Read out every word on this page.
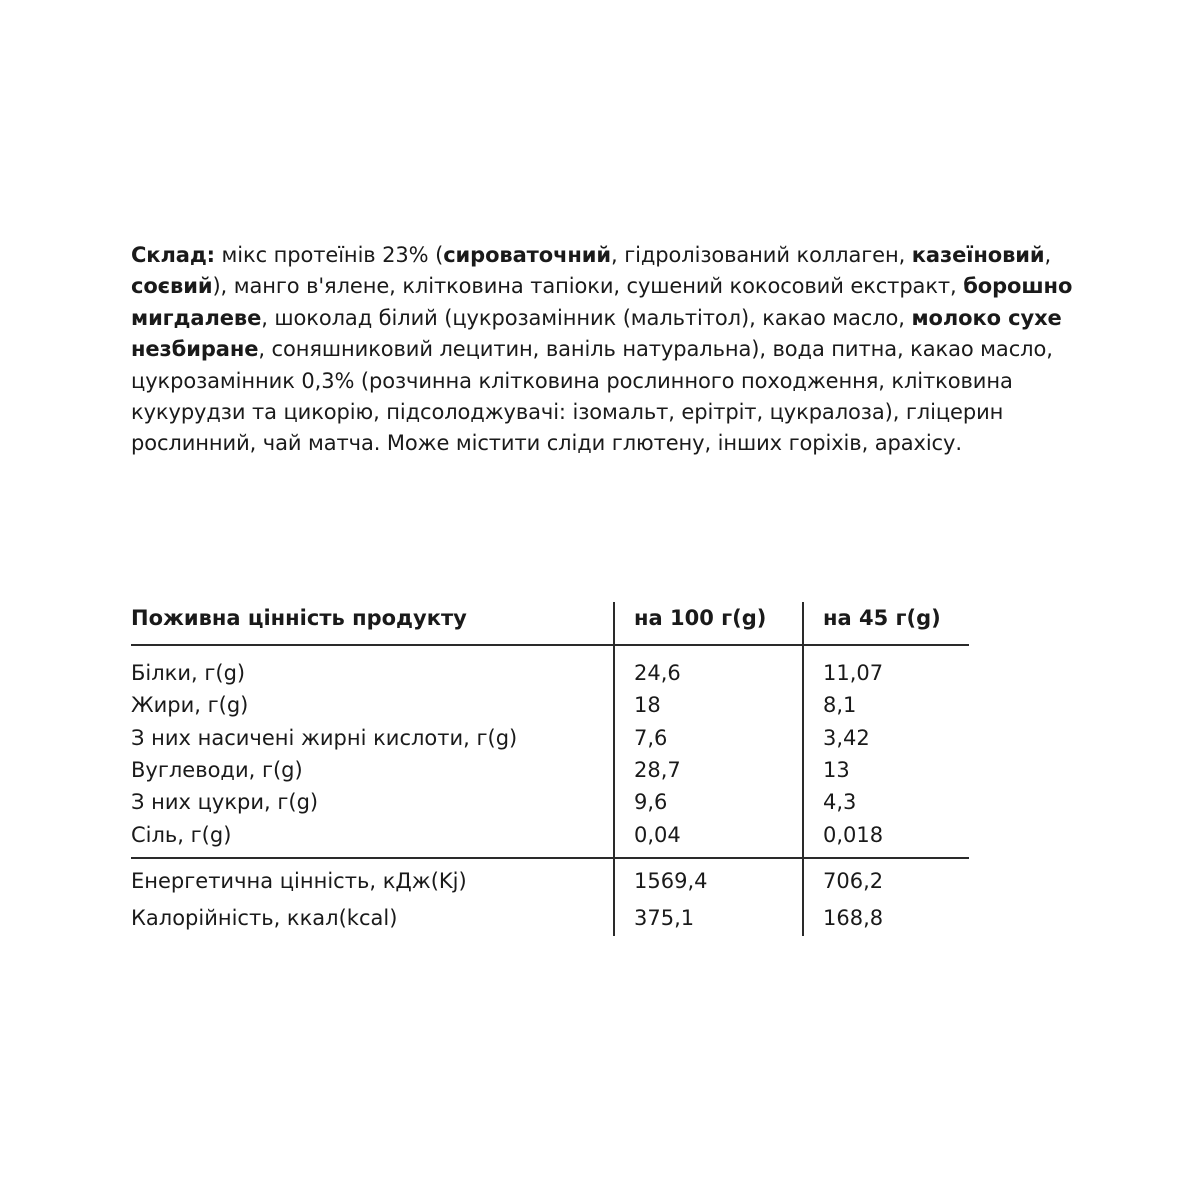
Склад: мікс протеїнів 23% (сироваточний, гідролізований коллаген, казеїновий, соєвий), манго в'ялене, клітковина тапіоки, сушений кокосовий екстракт, борошно мигдалеве, шоколад білий (цукрозамінник (мальтітол), какао масло, молоко сухе незбиране, соняшниковий лецитин, ваніль натуральна), вода питна, какао масло, цукрозамінник 0,3% (розчинна клітковина рослинного походження, клітковина кукурудзи та цикорію, підсолоджувачі: ізомальт, ерітріт, цукралоза), гліцерин рослинний, чай матча. Може містити сліди глютену, інших горіхів, арахісу.
Поживна цінність продукту	на 100 г(g)	на 45 г(g)
Білки, г(g)	24,6	11,07
Жири, г(g)	18	8,1
З них насичені жирні кислоти, г(g)	7,6	3,42
Вуглеводи, г(g)	28,7	13
З них цукри, г(g)	9,6	4,3
Сіль, г(g)	0,04	0,018
Енергетична цінність, кДж(Kj)	1569,4	706,2
Калорійність, ккал(kcal)	375,1	168,8
